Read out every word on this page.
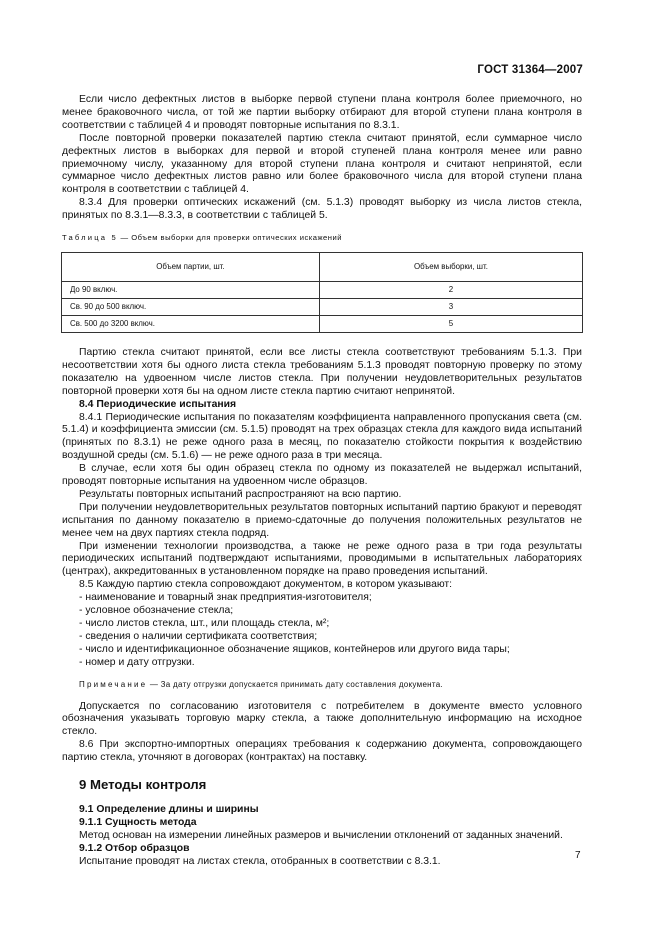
ГОСТ 31364—2007

Если число дефектных листов в выборке первой ступени плана контроля более приемочного, но менее браковочного числа, от той же партии выборку отбирают для второй ступени плана контроля в соответствии с таблицей 4 и проводят повторные испытания по 8.3.1.

После повторной проверки показателей партию стекла считают принятой, если суммарное число дефектных листов в выборках для первой и второй ступеней плана контроля менее или равно приемочному числу, указанному для второй ступени плана контроля и считают непринятой, если суммарное число дефектных листов равно или более браковочного числа для второй ступени плана контроля в соответствии с таблицей 4.

8.3.4 Для проверки оптических искажений (см. 5.1.3) проводят выборку из числа листов стекла, принятых по 8.3.1—8.3.3, в соответствии с таблицей 5.

Таблица 5 — Объем выборки для проверки оптических искажений
Объем партии, шт.	Объем выборки, шт.
До 90 включ.	2
Св. 90 до 500 включ.	3
Св. 500 до 3200 включ.	5

Партию стекла считают принятой, если все листы стекла соответствуют требованиям 5.1.3. При несоответствии хотя бы одного листа стекла требованиям 5.1.3 проводят повторную проверку по этому показателю на удвоенном числе листов стекла. При получении неудовлетворительных результатов повторной проверки хотя бы на одном листе стекла партию считают непринятой.

8.4 Периодические испытания

8.4.1 Периодические испытания по показателям коэффициента направленного пропускания света (см. 5.1.4) и коэффициента эмиссии (см. 5.1.5) проводят на трех образцах стекла для каждого вида испытаний (принятых по 8.3.1) не реже одного раза в месяц, по показателю стойкости покрытия к воздействию воздушной среды (см. 5.1.6) — не реже одного раза в три месяца.

В случае, если хотя бы один образец стекла по одному из показателей не выдержал испытаний, проводят повторные испытания на удвоенном числе образцов.

Результаты повторных испытаний распространяют на всю партию.

При получении неудовлетворительных результатов повторных испытаний партию бракуют и переводят испытания по данному показателю в приемо-сдаточные до получения положительных результатов не менее чем на двух партиях стекла подряд.

При изменении технологии производства, а также не реже одного раза в три года результаты периодических испытаний подтверждают испытаниями, проводимыми в испытательных лабораториях (центрах), аккредитованных в установленном порядке на право проведения испытаний.

8.5 Каждую партию стекла сопровождают документом, в котором указывают:

- наименование и товарный знак предприятия-изготовителя;

- условное обозначение стекла;

- число листов стекла, шт., или площадь стекла, м²;

- сведения о наличии сертификата соответствия;

- число и идентификационное обозначение ящиков, контейнеров или другого вида тары;

- номер и дату отгрузки.

Примечание — За дату отгрузки допускается принимать дату составления документа.

Допускается по согласованию изготовителя с потребителем в документе вместо условного обозначения указывать торговую марку стекла, а также дополнительную информацию на исходное стекло.

8.6 При экспортно-импортных операциях требования к содержанию документа, сопровождающего партию стекла, уточняют в договорах (контрактах) на поставку.

9 Методы контроля

9.1 Определение длины и ширины

9.1.1 Сущность метода

Метод основан на измерении линейных размеров и вычислении отклонений от заданных значений.

9.1.2 Отбор образцов

Испытание проводят на листах стекла, отобранных в соответствии с 8.3.1.

7
